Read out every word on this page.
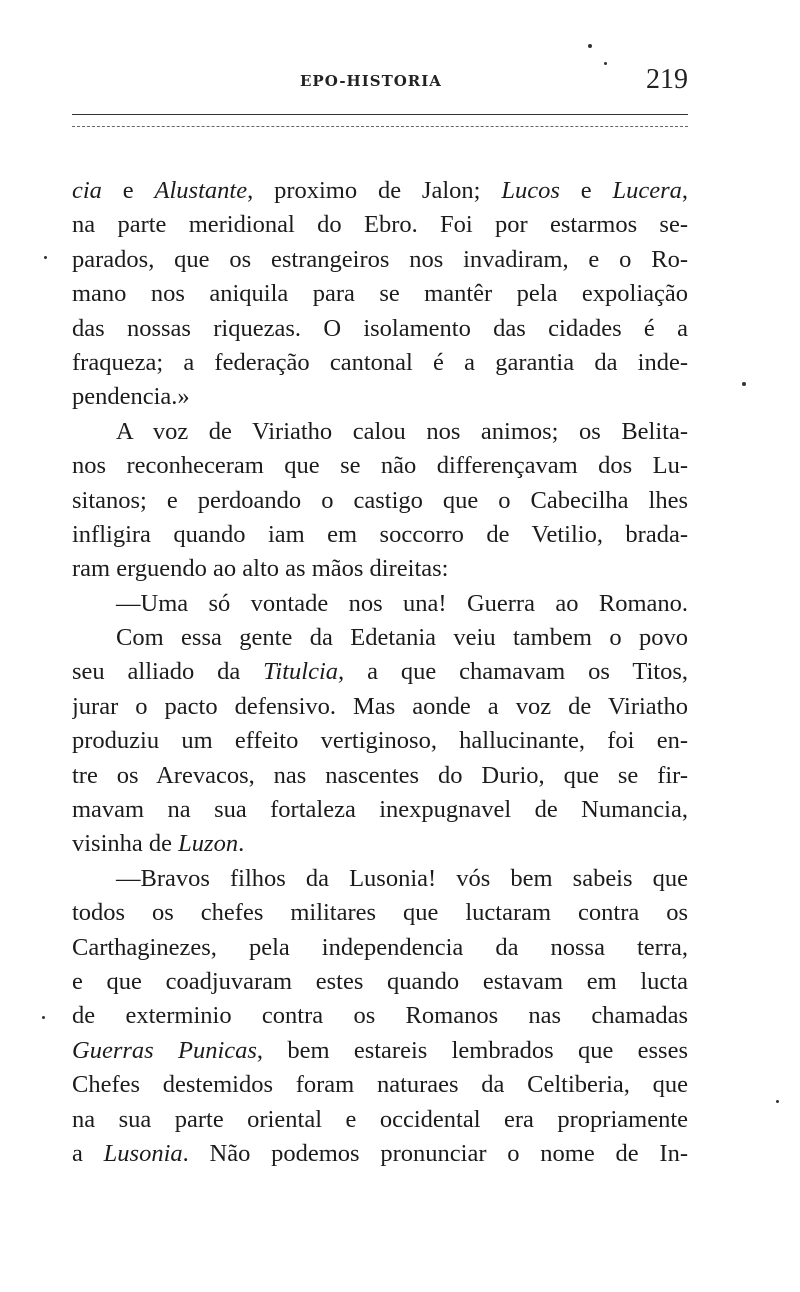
EPO-HISTORIA	219
cia e Alustante, proximo de Jalon; Lucos e Lucera,
na parte meridional do Ebro. Foi por estarmos se-
parados, que os estrangeiros nos invadiram, e o Ro-
mano nos aniquila para se mantêr pela expoliação
das nossas riquezas. O isolamento das cidades é a
fraqueza; a federação cantonal é a garantia da inde-
pendencia.»
A voz de Viriatho calou nos animos; os Belita-
nos reconheceram que se não differençavam dos Lu-
sitanos; e perdoando o castigo que o Cabecilha lhes
infligira quando iam em soccorro de Vetilio, brada-
ram erguendo ao alto as mãos direitas:
—Uma só vontade nos una! Guerra ao Romano.
Com essa gente da Edetania veiu tambem o povo
seu alliado da Titulcia, a que chamavam os Titos,
jurar o pacto defensivo. Mas aonde a voz de Viriatho
produziu um effeito vertiginoso, hallucinante, foi en-
tre os Arevacos, nas nascentes do Durio, que se fir-
mavam na sua fortaleza inexpugnavel de Numancia,
visinha de Luzon.
—Bravos filhos da Lusonia! vós bem sabeis que
todos os chefes militares que luctaram contra os
Carthaginezes, pela independencia da nossa terra,
e que coadjuvaram estes quando estavam em lucta
de exterminio contra os Romanos nas chamadas
Guerras Punicas, bem estareis lembrados que esses
Chefes destemidos foram naturaes da Celtiberia, que
na sua parte oriental e occidental era propriamente
a Lusonia. Não podemos pronunciar o nome de In-
